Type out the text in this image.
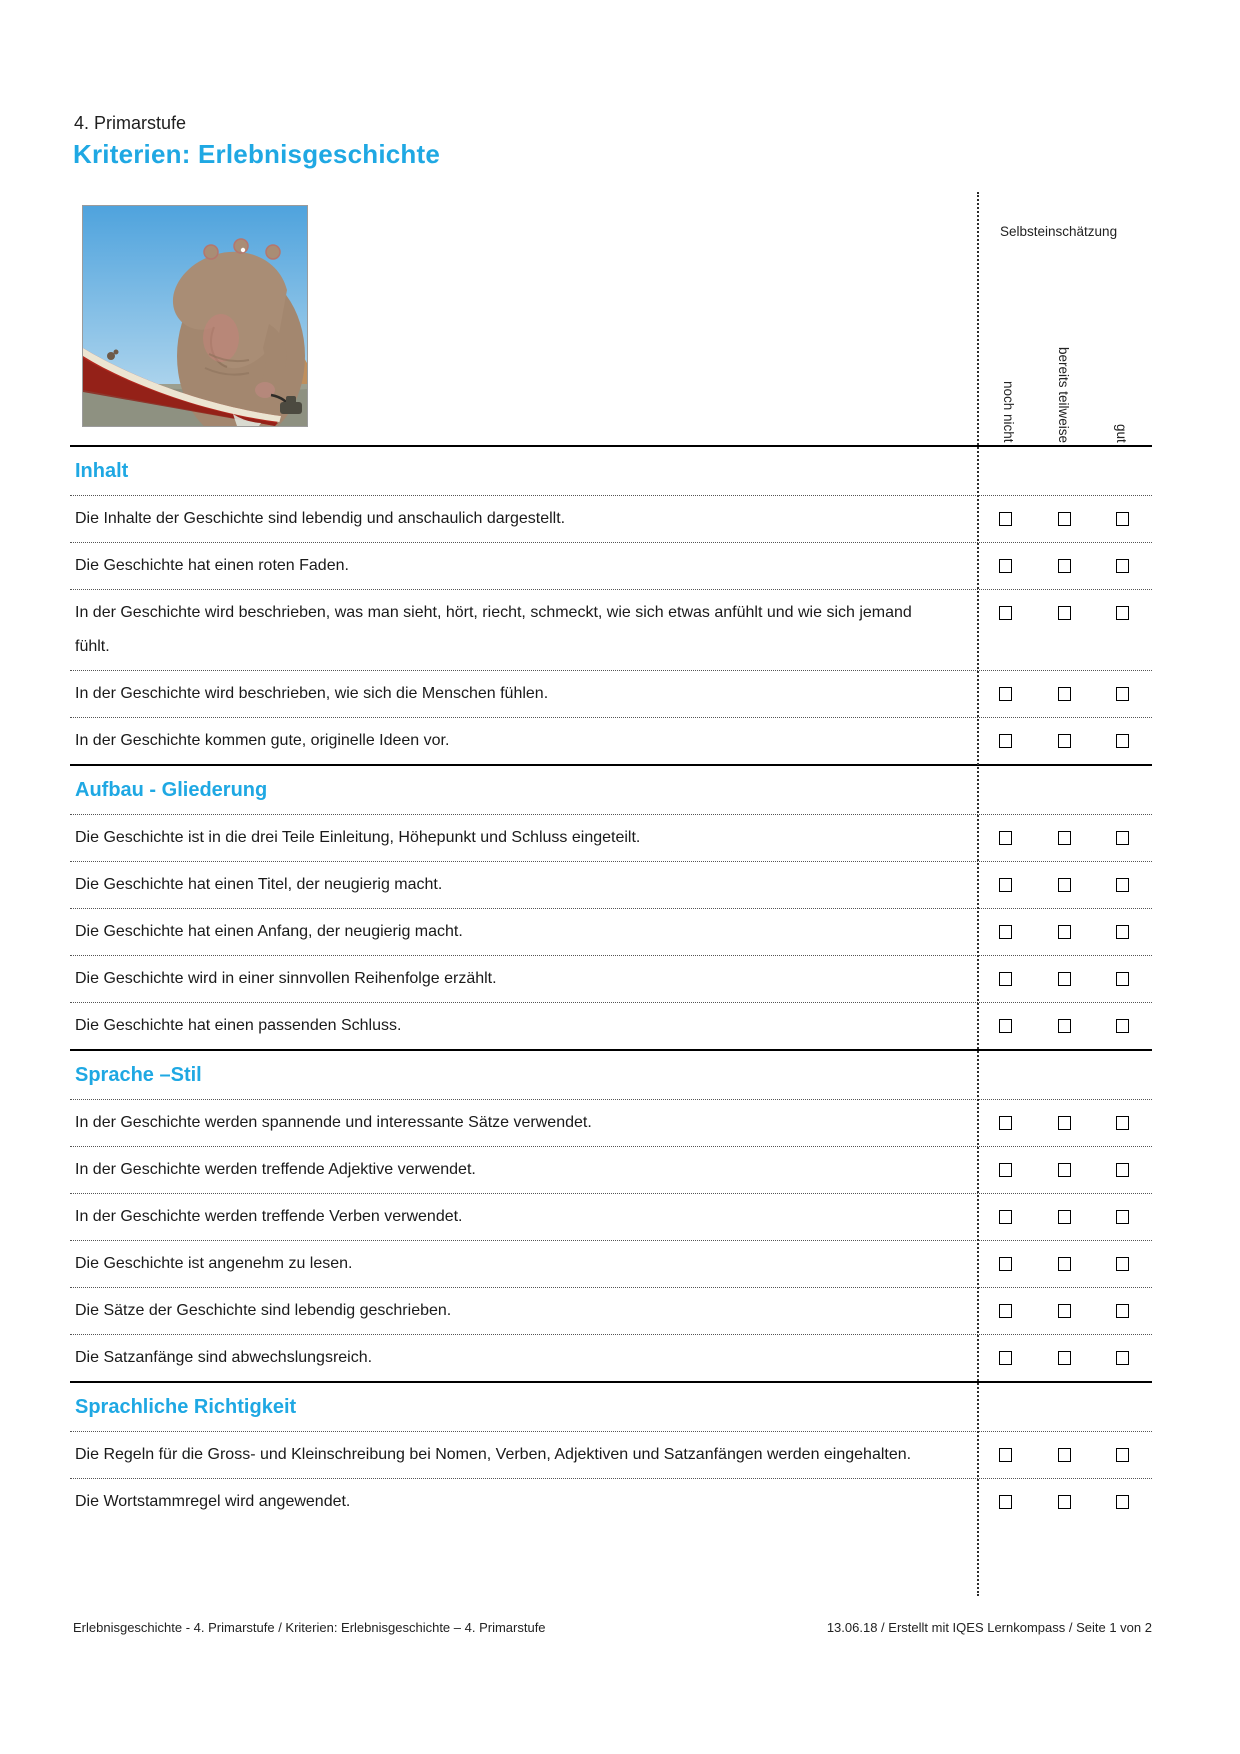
4. Primarstufe
Kriterien: Erlebnisgeschichte
Selbsteinschätzung
noch nicht	bereits teilweise	gut
Inhalt
Die Inhalte der Geschichte sind lebendig und anschaulich dargestellt.
Die Geschichte hat einen roten Faden.
In der Geschichte wird beschrieben, was man sieht, hört, riecht, schmeckt, wie sich etwas anfühlt und wie sich jemand fühlt.
In der Geschichte wird beschrieben, wie sich die Menschen fühlen.
In der Geschichte kommen gute, originelle Ideen vor.
Aufbau - Gliederung
Die Geschichte ist in die drei Teile Einleitung, Höhepunkt und Schluss eingeteilt.
Die Geschichte hat einen Titel, der neugierig macht.
Die Geschichte hat einen Anfang, der neugierig macht.
Die Geschichte wird in einer sinnvollen Reihenfolge erzählt.
Die Geschichte hat einen passenden Schluss.
Sprache –Stil
In der Geschichte werden spannende und interessante Sätze verwendet.
In der Geschichte werden treffende Adjektive verwendet.
In der Geschichte werden treffende Verben verwendet.
Die Geschichte ist angenehm zu lesen.
Die Sätze der Geschichte sind lebendig geschrieben.
Die Satzanfänge sind abwechslungsreich.
Sprachliche Richtigkeit
Die Regeln für die Gross- und Kleinschreibung bei Nomen, Verben, Adjektiven und Satzanfängen werden eingehalten.
Die Wortstammregel wird angewendet.
Erlebnisgeschichte - 4. Primarstufe / Kriterien: Erlebnisgeschichte – 4. Primarstufe	13.06.18 / Erstellt mit IQES Lernkompass / Seite 1 von 2
